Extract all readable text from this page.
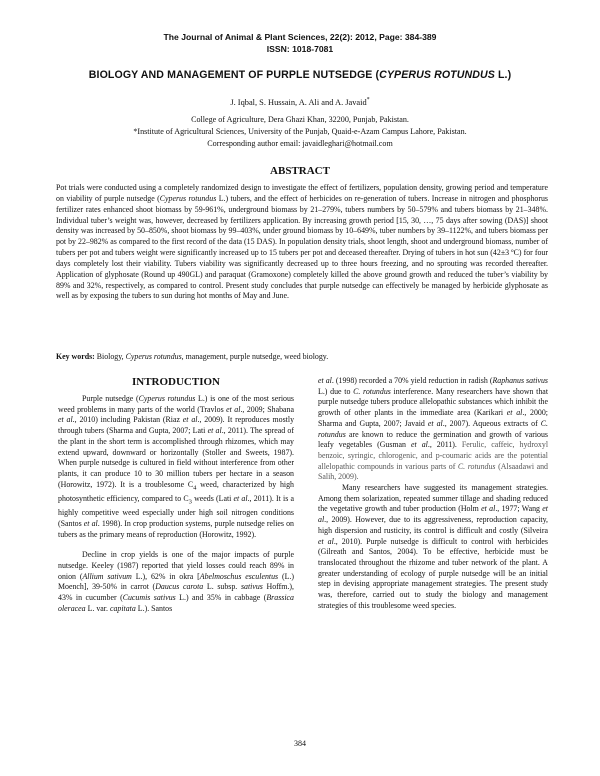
The Journal of Animal & Plant Sciences, 22(2): 2012, Page: 384-389
ISSN: 1018-7081
BIOLOGY AND MANAGEMENT OF PURPLE NUTSEDGE (CYPERUS ROTUNDUS L.)
J. Iqbal, S. Hussain, A. Ali and A. Javaid*
College of Agriculture, Dera Ghazi Khan, 32200, Punjab, Pakistan.
*Institute of Agricultural Sciences, University of the Punjab, Quaid-e-Azam Campus Lahore, Pakistan.
Corresponding author email: javaidleghari@hotmail.com
ABSTRACT

Pot trials were conducted using a completely randomized design to investigate the effect of fertilizers, population density, growing period and temperature on viability of purple nutsedge (Cyperus rotundus L.) tubers, and the effect of herbicides on re-generation of tubers. Increase in nitrogen and phosphorus fertilizer rates enhanced shoot biomass by 59-961%, underground biomass by 21–279%, tubers numbers by 50–579% and tubers biomass by 21–348%. Individual tuber’s weight was, however, decreased by fertilizers application. By increasing growth period [15, 30, …, 75 days after sowing (DAS)] shoot density was increased by 50–850%, shoot biomass by 99–403%, under ground biomass by 10–649%, tuber numbers by 39–1122%, and tubers biomass per pot by 22–982% as compared to the first record of the data (15 DAS). In population density trials, shoot length, shoot and underground biomass, number of tubers per pot and tubers weight were significantly increased up to 15 tubers per pot and deceased thereafter. Drying of tubers in hot sun (42±3 ºC) for four days completely lost their viability. Tubers viability was significantly decreased up to three hours freezing, and no sprouting was recorded thereafter. Application of glyphosate (Round up 490GL) and paraquat (Gramoxone) completely killed the above ground growth and reduced the tuber’s viability by 89% and 32%, respectively, as compared to control. Present study concludes that purple nutsedge can effectively be managed by herbicide glyphosate as well as by exposing the tubers to sun during hot months of May and June.

Key words: Biology, Cyperus rotundus, management, purple nutsedge, weed biology.

INTRODUCTION

Purple nutsedge (Cyperus rotundus L.) is one of the most serious weed problems in many parts of the world (Travlos et al., 2009; Shabana et al., 2010) including Pakistan (Riaz et al., 2009). It reproduces mostly through tubers (Sharma and Gupta, 2007; Lati et al., 2011). The spread of the plant in the short term is accomplished through rhizomes, which may extend upward, downward or horizontally (Stoller and Sweets, 1987). When purple nutsedge is cultured in field without interference from other plants, it can produce 10 to 30 million tubers per hectare in a season (Horowitz, 1972). It is a troublesome $C_4$ weed, characterized by high photosynthetic efficiency, compared to $C_3$ weeds (Lati et al., 2011). It is a highly competitive weed especially under high soil nitrogen conditions (Santos et al. 1998). In crop production systems, purple nutsedge relies on tubers as the primary means of reproduction (Horowitz, 1992).

Decline in crop yields is one of the major impacts of purple nutsedge. Keeley (1987) reported that yield losses could reach 89% in onion (Allium sativum L.), 62% in okra [Abelmoschus esculentus (L.) Moench], 39-50% in carrot (Daucus carota L. subsp. sativus Hoffm.), 43% in cucumber (Cucumis sativus L.) and 35% in cabbage (Brassica oleracea L. var. capitata L.). Santos

et al. (1998) recorded a 70% yield reduction in radish (Raphanus sativus L.) due to C. rotundus interference. Many researchers have shown that purple nutsedge tubers produce allelopathic substances which inhibit the growth of other plants in the immediate area (Karikari et al., 2000; Sharma and Gupta, 2007; Javaid et al., 2007). Aqueous extracts of C. rotundus are known to reduce the germination and growth of various leafy vegetables (Gusman et al., 2011). Ferulic, caffeic, hydroxyl benzoic, syringic, chlorogenic, and p-coumaric acids are the potential allelopathic compounds in various parts of C. rotundus (Alsaadawi and Salih, 2009).

Many researchers have suggested its management strategies. Among them solarization, repeated summer tillage and shading reduced the vegetative growth and tuber production (Holm et al., 1977; Wang et al., 2009). However, due to its aggressiveness, reproduction capacity, high dispersion and rusticity, its control is difficult and costly (Silveira et al., 2010). Purple nutsedge is difficult to control with herbicides (Gilreath and Santos, 2004). To be effective, herbicide must be translocated throughout the rhizome and tuber network of the plant. A greater understanding of ecology of purple nutsedge will be an initial step in devising appropriate management strategies. The present study was, therefore, carried out to study the biology and management strategies of this troublesome weed species.

384
